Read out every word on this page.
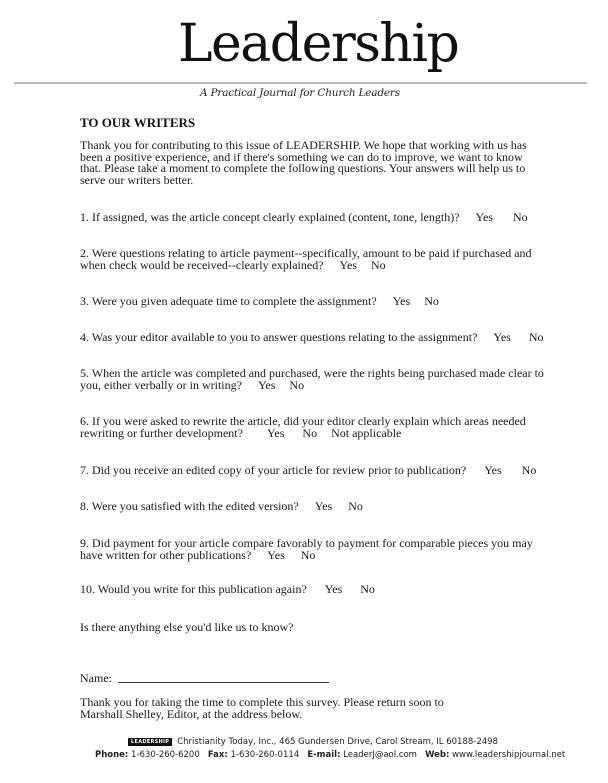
Leadership
A Practical Journal for Church Leaders
TO OUR WRITERS
Thank you for contributing to this issue of LEADERSHIP. We hope that working with us has
been a positive experience, and if there's something we can do to improve, we want to know
that. Please take a moment to complete the following questions. Your answers will help us to
serve our writers better.
1. If assigned, was the article concept clearly explained (content, tone, length)? Yes No
2. Were questions relating to article payment--specifically, amount to be paid if purchased and
when check would be received--clearly explained? Yes No
3. Were you given adequate time to complete the assignment? Yes No
4. Was your editor available to you to answer questions relating to the assignment? Yes No
5. When the article was completed and purchased, were the rights being purchased made clear to
you, either verbally or in writing? Yes No
6. If you were asked to rewrite the article, did your editor clearly explain which areas needed
rewriting or further development? Yes No Not applicable
7. Did you receive an edited copy of your article for review prior to publication? Yes No
8. Were you satisfied with the edited version? Yes No
9. Did payment for your article compare favorably to payment for comparable pieces you may
have written for other publications? Yes No
10. Would you write for this publication again? Yes No
Is there anything else you'd like us to know?
Name:
Thank you for taking the time to complete this survey. Please return soon to
Marshall Shelley, Editor, at the address below.
LEADERSHIP Christianity Today, Inc., 465 Gundersen Drive, Carol Stream, IL 60188-2498
Phone: 1-630-260-6200 Fax: 1-630-260-0114 E-mail: LeaderJ@aol.com Web: www.leadershipjournal.net
